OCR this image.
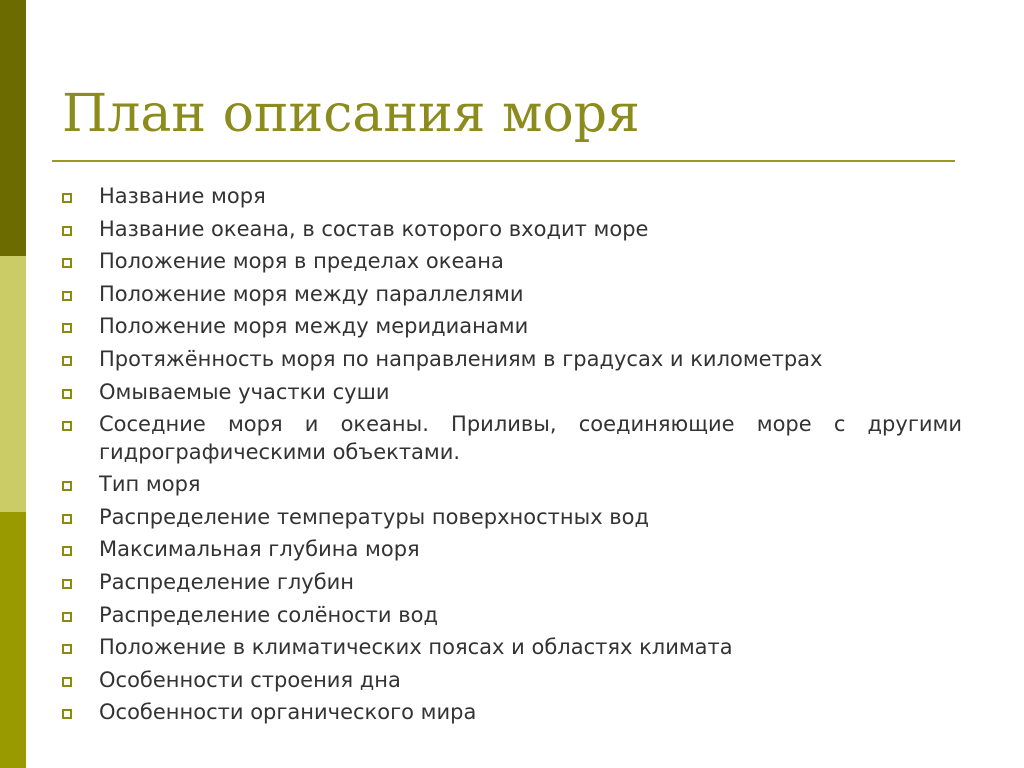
План описания моря
Название моря
Название океана, в состав которого входит море
Положение моря в пределах океана
Положение моря между параллелями
Положение моря между меридианами
Протяжённость моря по направлениям в градусах и километрах
Омываемые участки суши
Соседние моря и океаны. Приливы, соединяющие море с другими гидрографическими объектами.
Тип моря
Распределение температуры поверхностных вод
Максимальная глубина моря
Распределение глубин
Распределение солёности вод
Положение в климатических поясах и областях климата
Особенности строения дна
Особенности органического мира
